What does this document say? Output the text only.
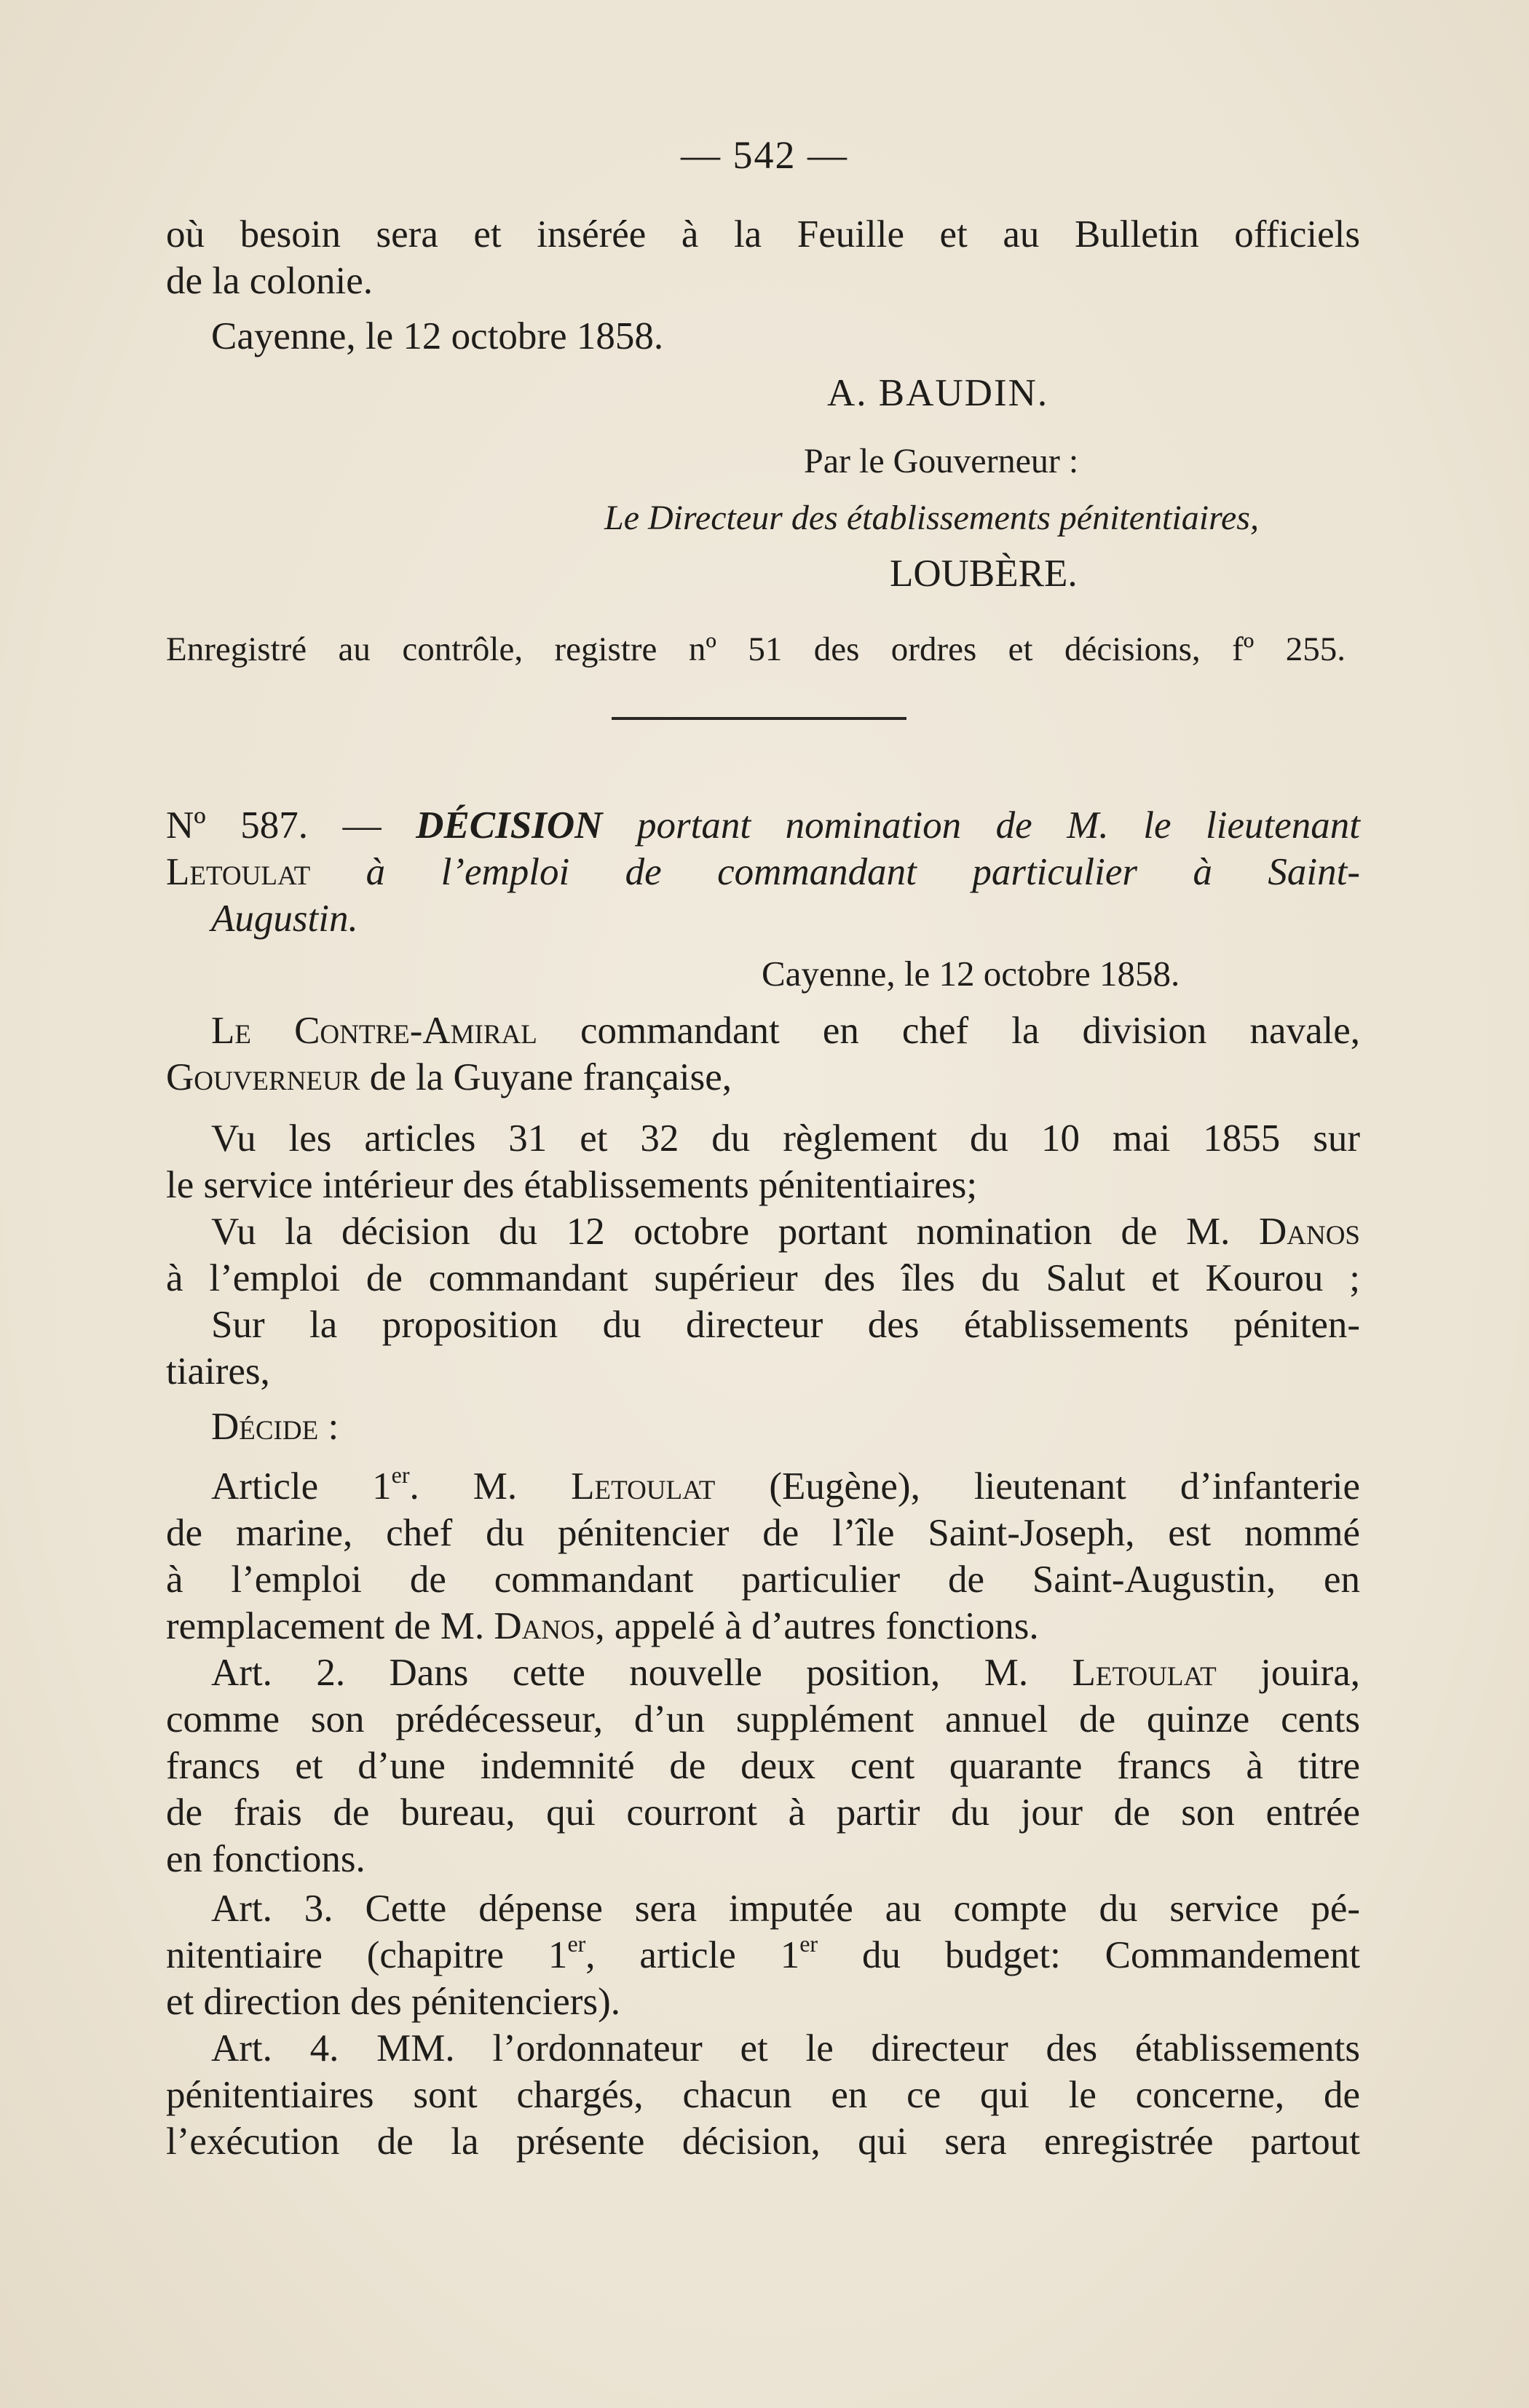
— 542 —
où besoin sera et insérée à la Feuille et au Bulletin officiels
de la colonie.
Cayenne, le 12 octobre 1858.
A. BAUDIN.
Par le Gouverneur :
Le Directeur des établissements pénitentiaires,
LOUBÈRE.
Enregistré au contrôle, registre nº 51 des ordres et décisions, fº 255.
Nº 587. — DÉCISION portant nomination de M. le lieutenant
Letoulat à l’emploi de commandant particulier à Saint-
Augustin.
Cayenne, le 12 octobre 1858.
Le Contre-Amiral commandant en chef la division navale,
Gouverneur de la Guyane française,
Vu les articles 31 et 32 du règlement du 10 mai 1855 sur
le service intérieur des établissements pénitentiaires;
Vu la décision du 12 octobre portant nomination de M. Danos
à l’emploi de commandant supérieur des îles du Salut et Kourou ;
Sur la proposition du directeur des établissements péniten-
tiaires,
Décide :
Article 1er. M. Letoulat (Eugène), lieutenant d’infanterie
de marine, chef du pénitencier de l’île Saint-Joseph, est nommé
à l’emploi de commandant particulier de Saint-Augustin, en
remplacement de M. Danos, appelé à d’autres fonctions.
Art. 2. Dans cette nouvelle position, M. Letoulat jouira,
comme son prédécesseur, d’un supplément annuel de quinze cents
francs et d’une indemnité de deux cent quarante francs à titre
de frais de bureau, qui courront à partir du jour de son entrée
en fonctions.
Art. 3. Cette dépense sera imputée au compte du service pé-
nitentiaire (chapitre 1er, article 1er du budget: Commandement
et direction des pénitenciers).
Art. 4. MM. l’ordonnateur et le directeur des établissements
pénitentiaires sont chargés, chacun en ce qui le concerne, de
l’exécution de la présente décision, qui sera enregistrée partout
